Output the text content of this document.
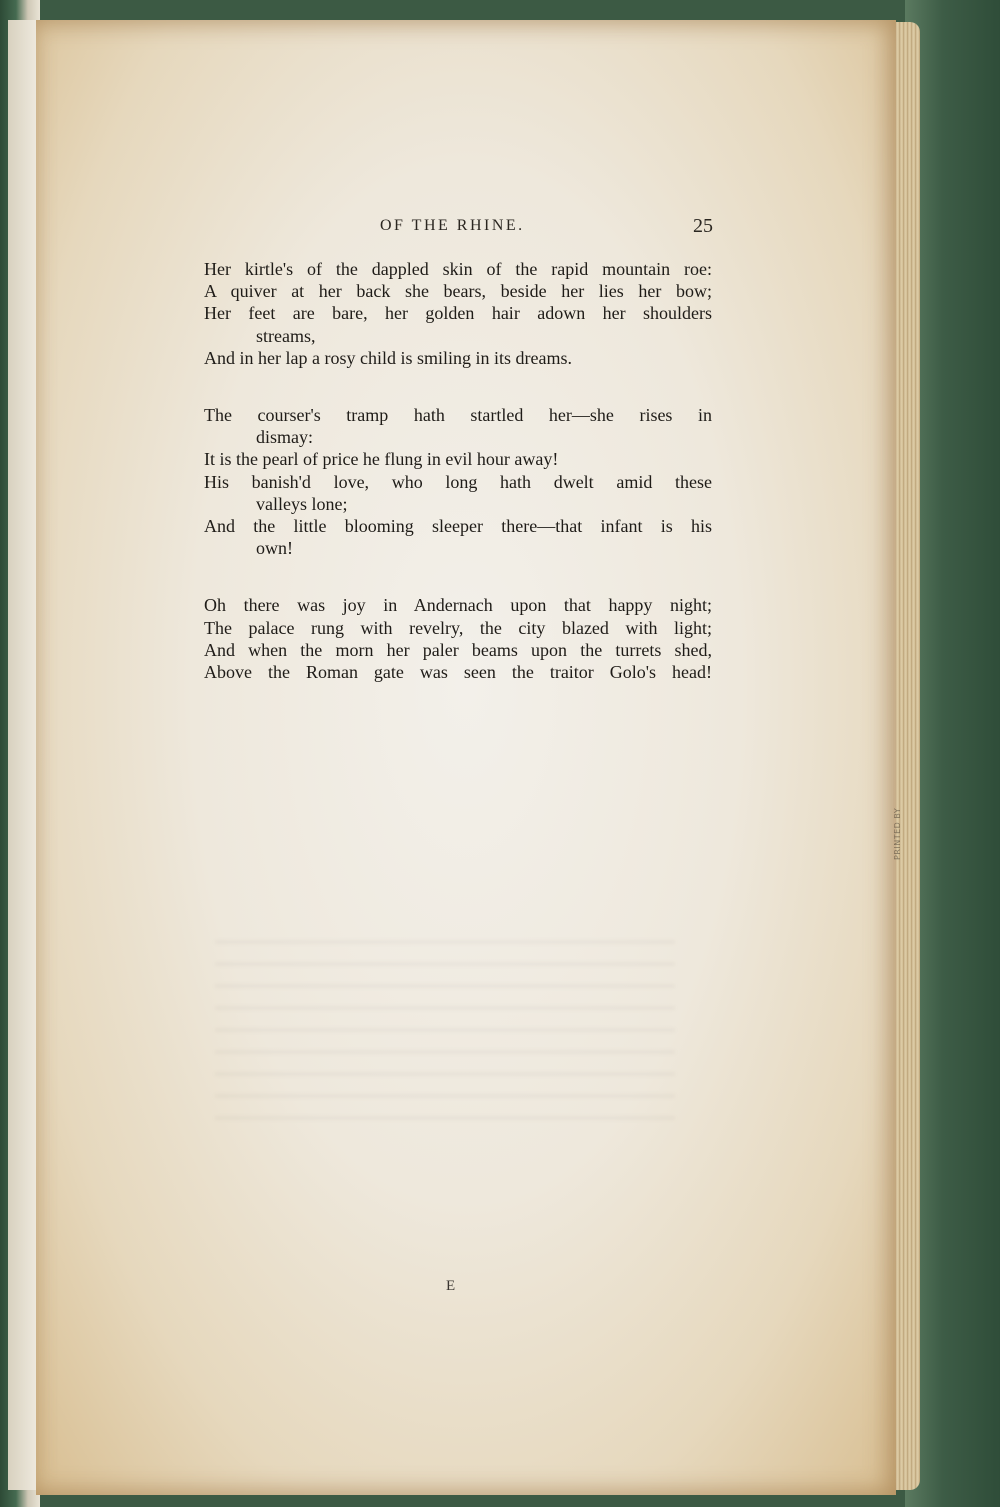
OF THE RHINE.	25

Her kirtle's of the dappled skin of the rapid mountain roe:
A quiver at her back she bears, beside her lies her bow;
Her feet are bare, her golden hair adown her shoulders
streams,
And in her lap a rosy child is smiling in its dreams.

The courser's tramp hath startled her—she rises in
dismay:
It is the pearl of price he flung in evil hour away!
His banish'd love, who long hath dwelt amid these
valleys lone;
And the little blooming sleeper there—that infant is his
own!

Oh there was joy in Andernach upon that happy night;
The palace rung with revelry, the city blazed with light;
And when the morn her paler beams upon the turrets shed,
Above the Roman gate was seen the traitor Golo's head!

E
PRINTED BY
